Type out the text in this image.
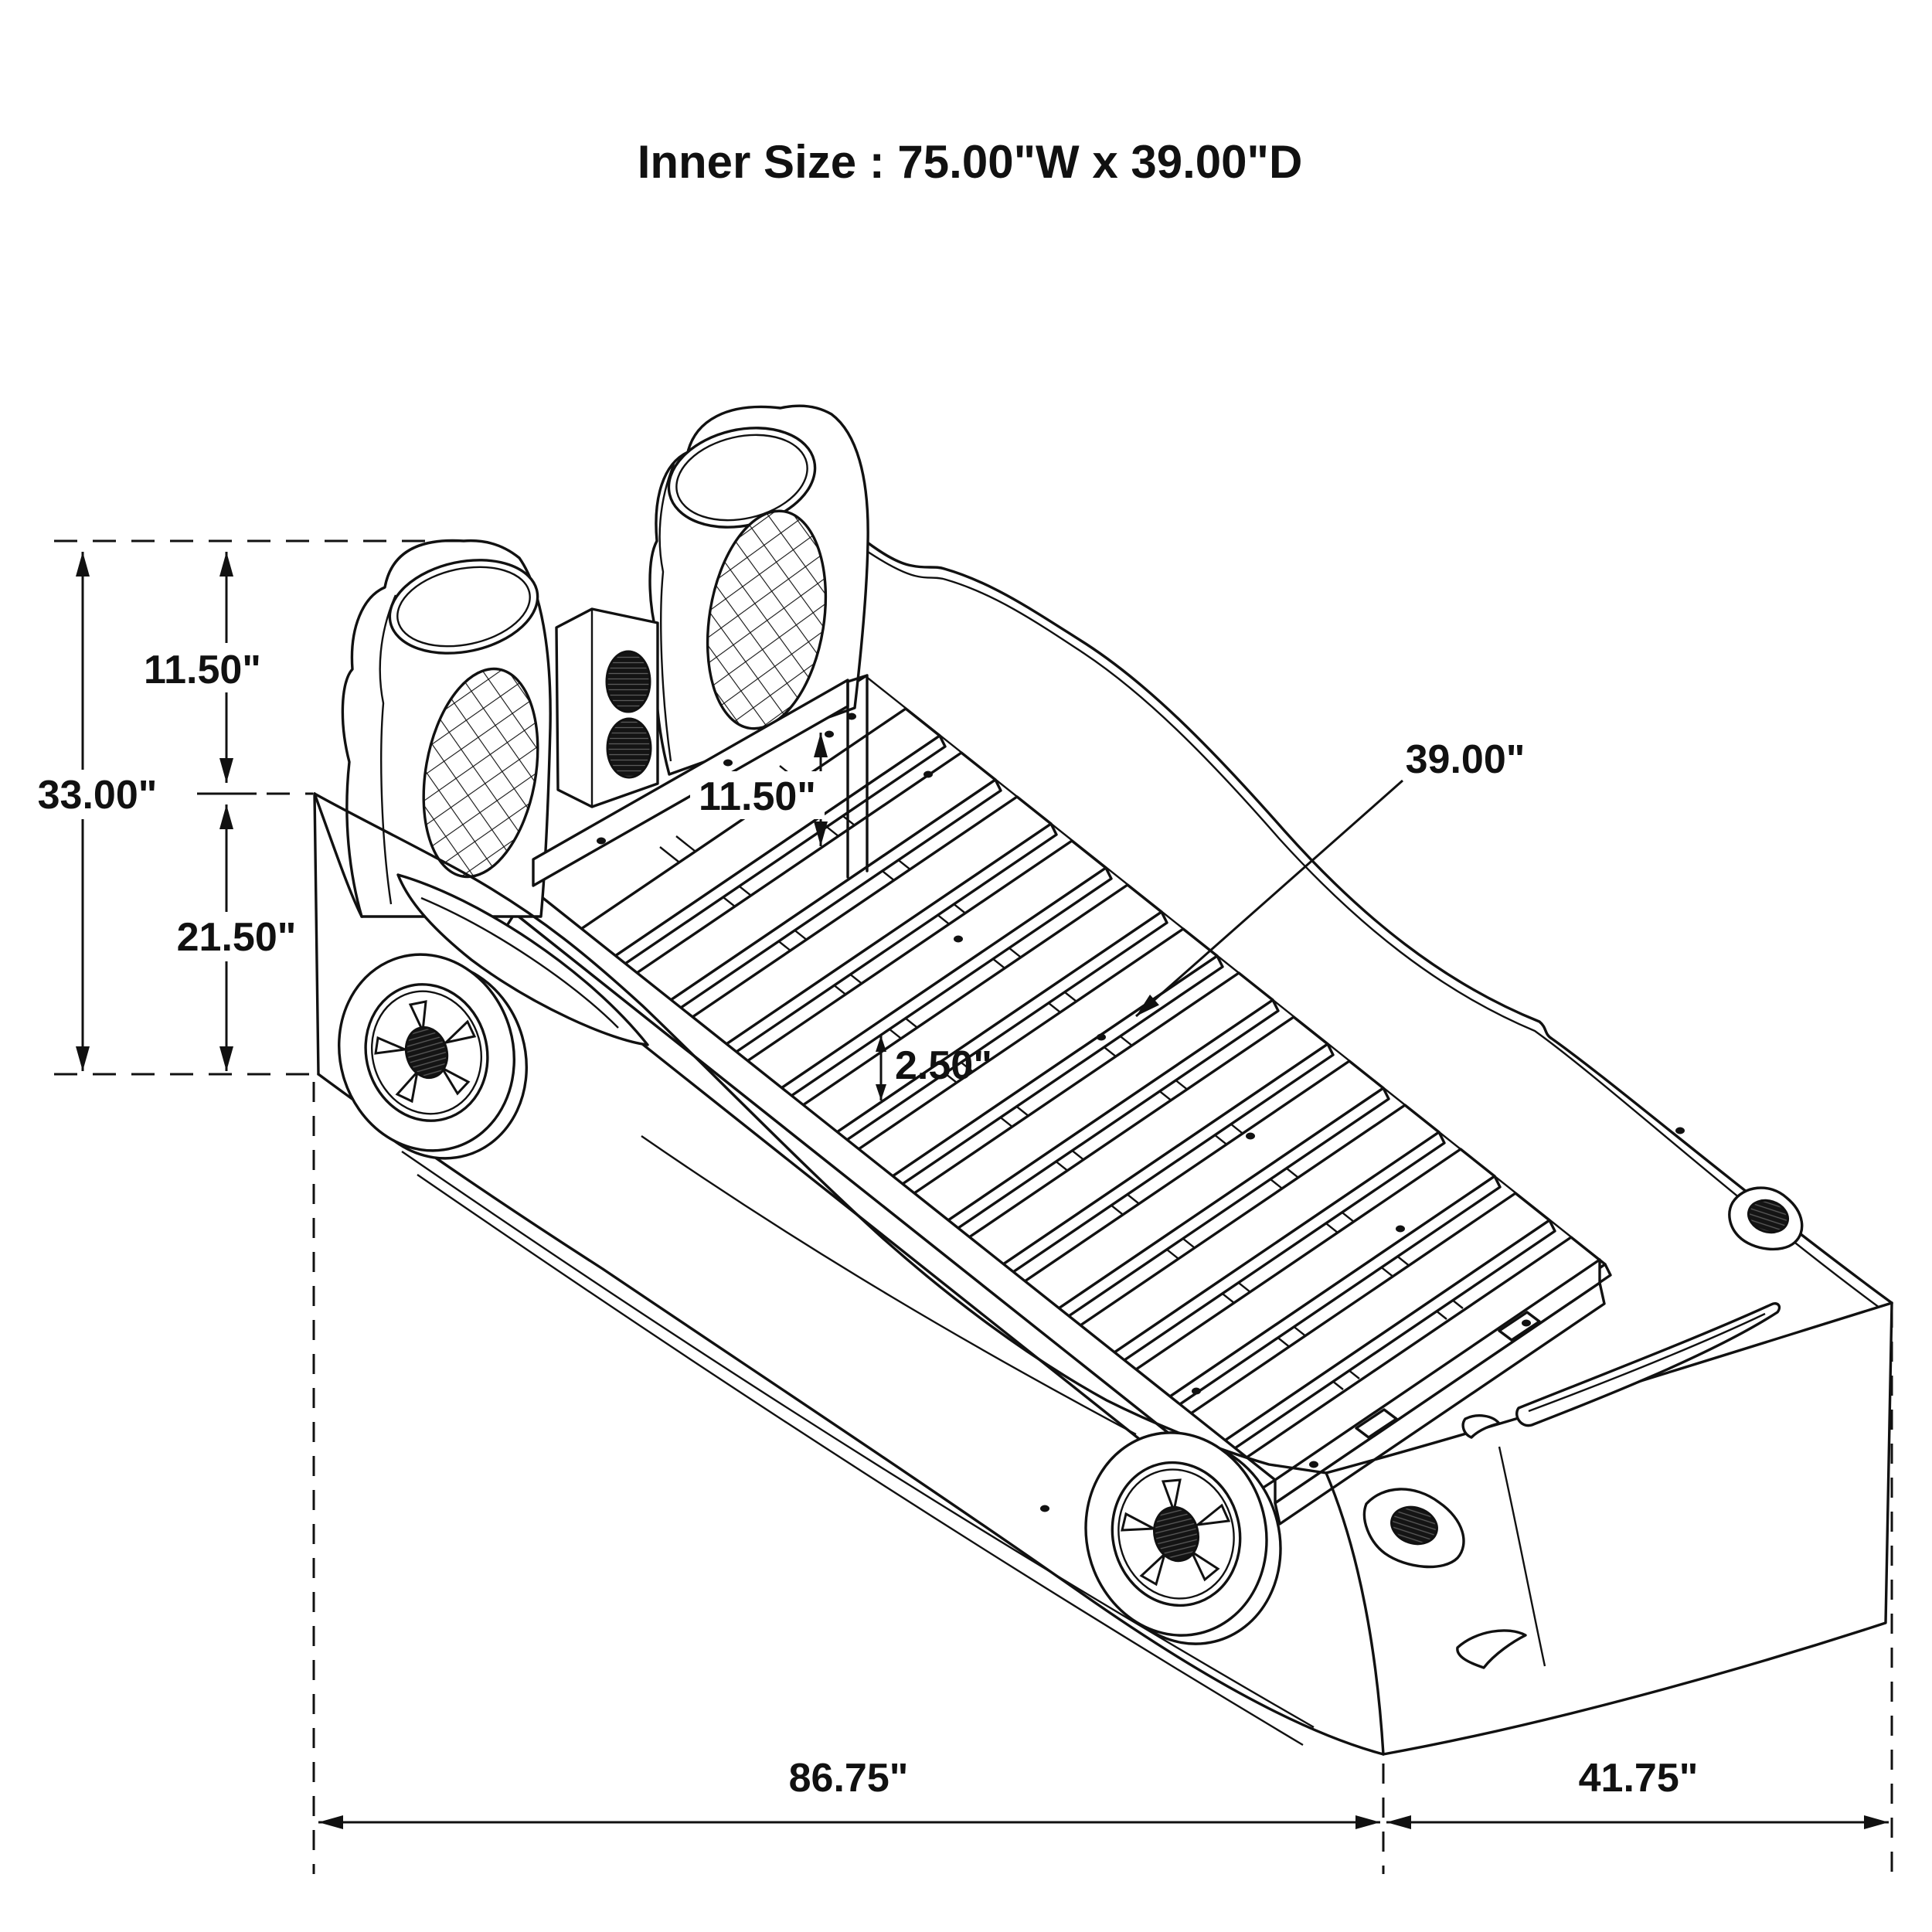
33.00"
11.50"
21.50"
11.50"
2.50"
39.00"
86.75"	41.75"
Inner Size : 75.00"W x 39.00"D
